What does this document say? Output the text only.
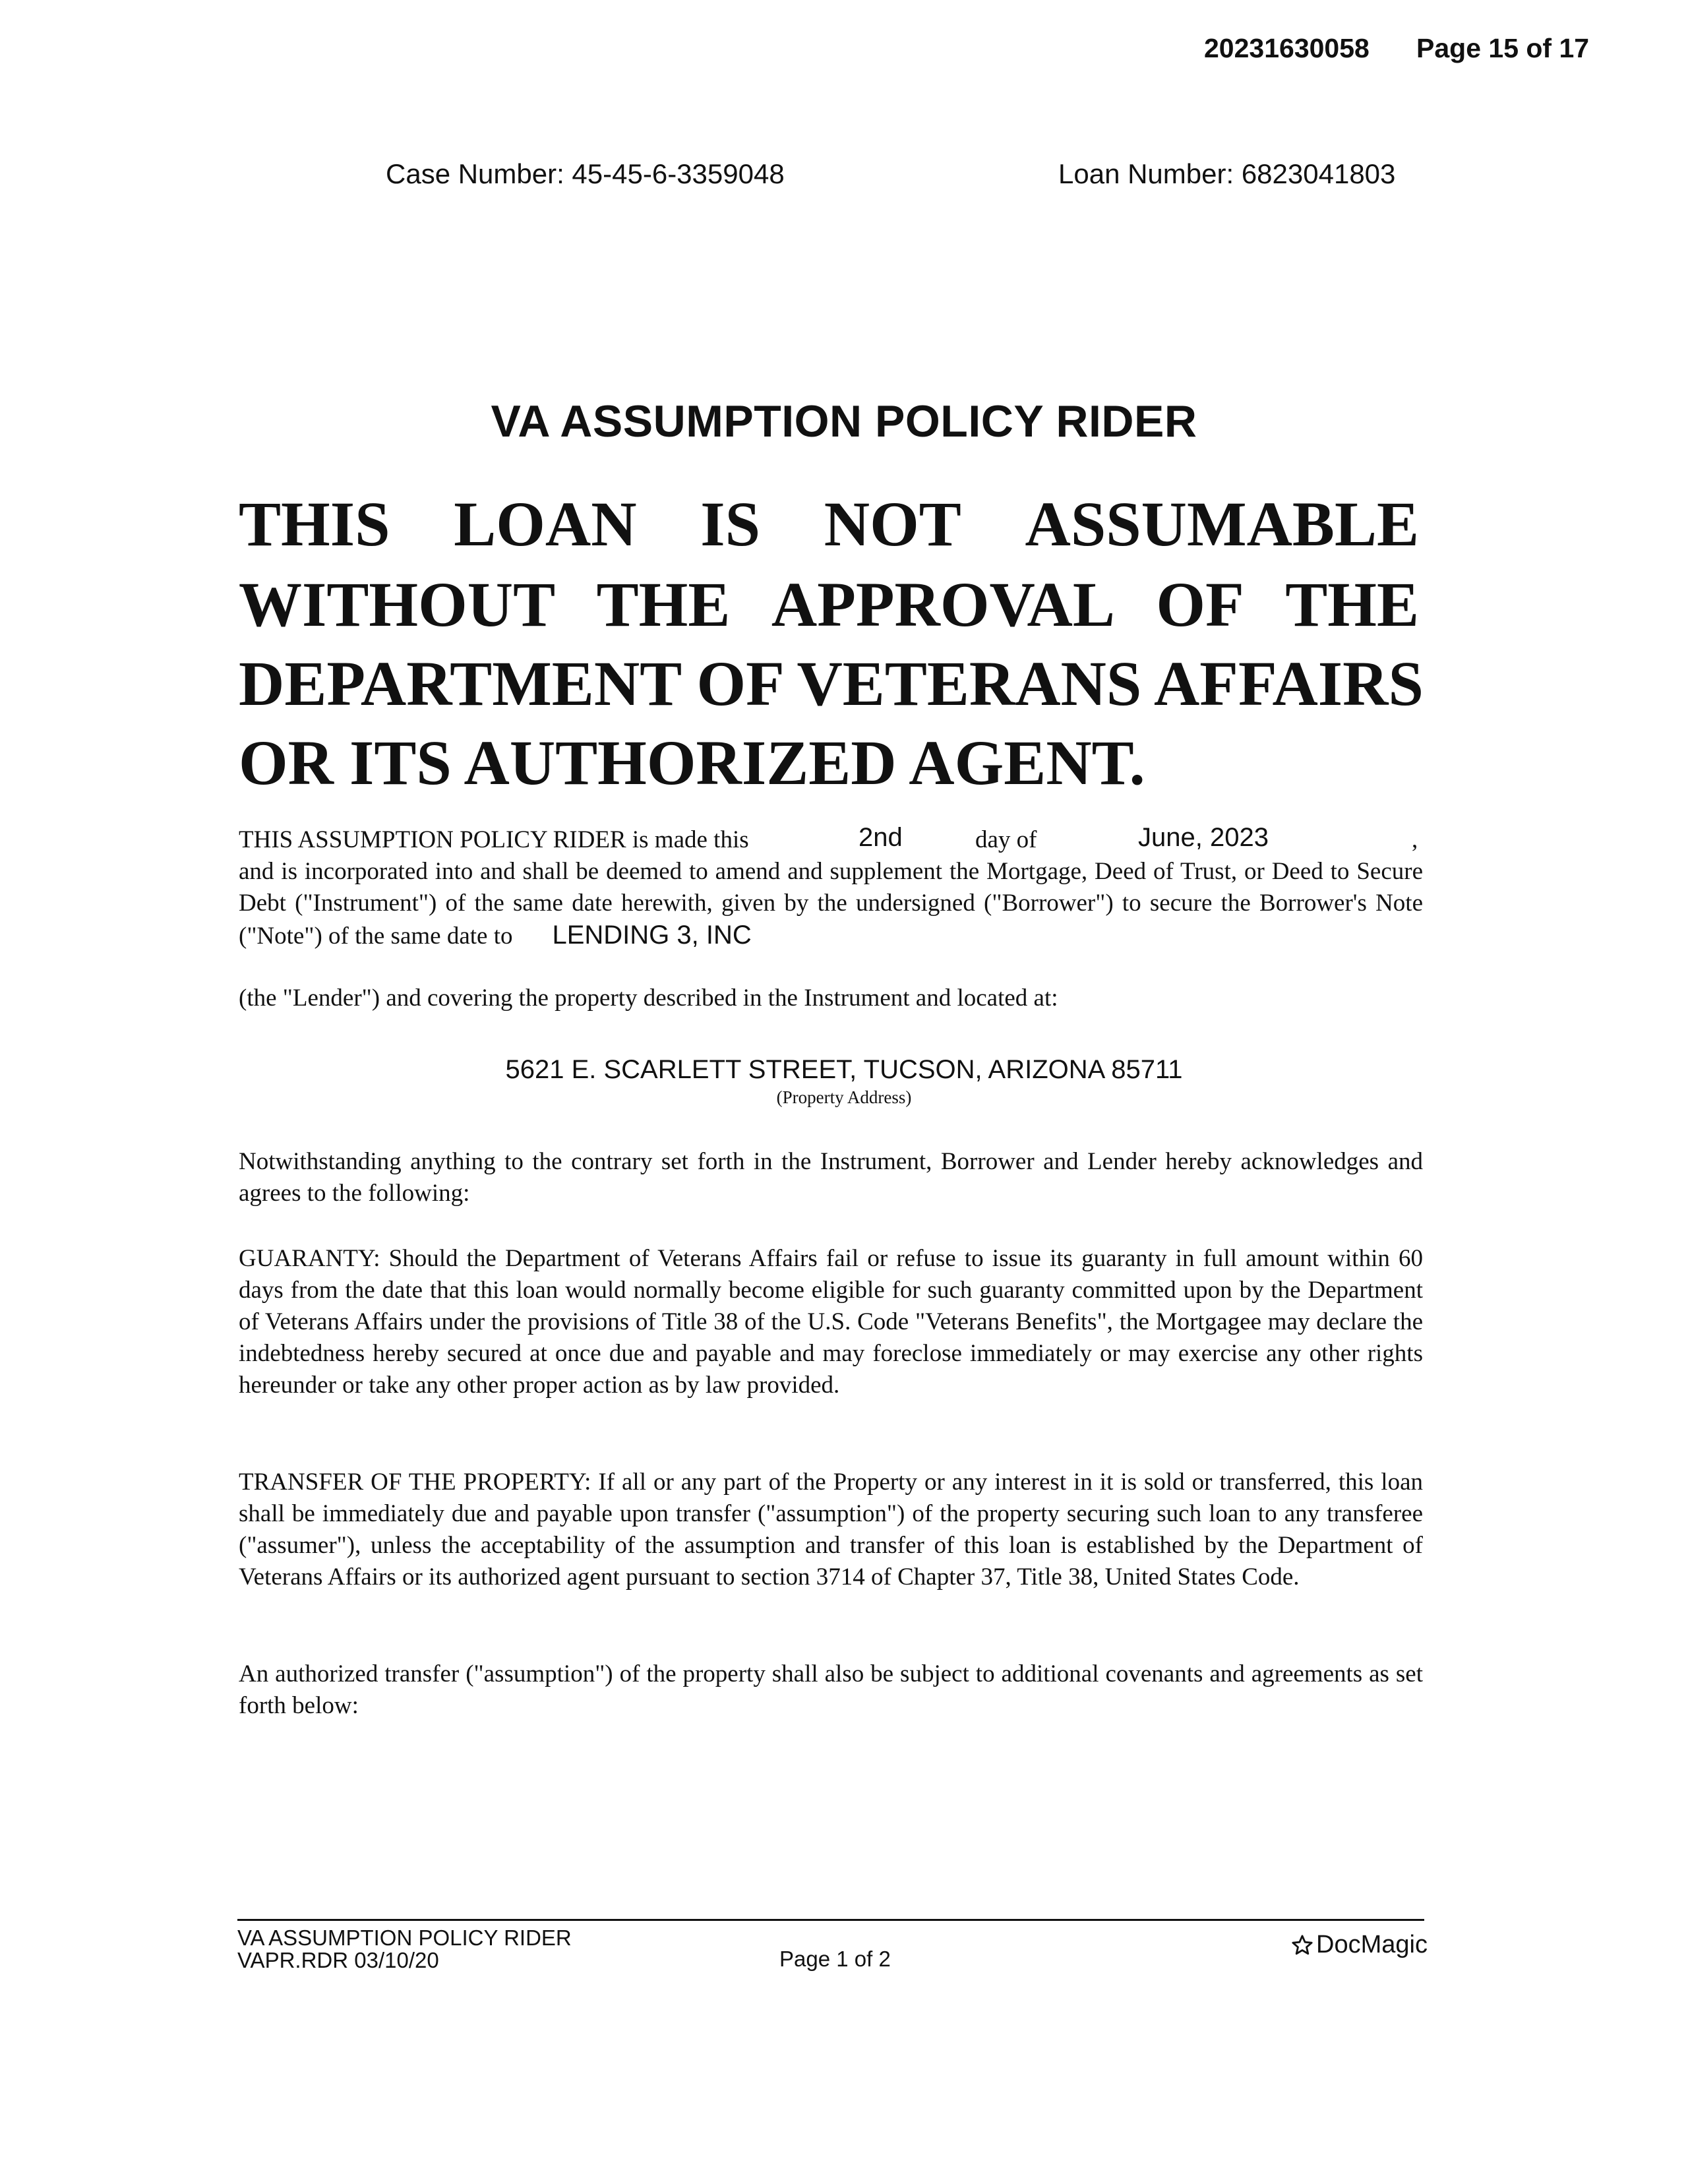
20231630058 Page 15 of 17
Case Number: 45-45-6-3359048	Loan Number: 6823041803
VA ASSUMPTION POLICY RIDER
THIS LOAN IS NOT ASSUMABLE
WITHOUT THE APPROVAL OF THE
DEPARTMENT OF VETERANS AFFAIRS
OR ITS AUTHORIZED AGENT.
THIS ASSUMPTION POLICY RIDER is made this	2nd	day of	June, 2023	,
and is incorporated into and shall be deemed to amend and supplement the Mortgage, Deed of Trust, or Deed to Secure Debt ("Instrument") of the same date herewith, given by the undersigned ("Borrower") to secure the Borrower's Note ("Note") of the same date to LENDING 3, INC
(the "Lender") and covering the property described in the Instrument and located at:
5621 E. SCARLETT STREET, TUCSON, ARIZONA 85711
(Property Address)
Notwithstanding anything to the contrary set forth in the Instrument, Borrower and Lender hereby acknowledges and agrees to the following:
GUARANTY: Should the Department of Veterans Affairs fail or refuse to issue its guaranty in full amount within 60 days from the date that this loan would normally become eligible for such guaranty committed upon by the Department of Veterans Affairs under the provisions of Title 38 of the U.S. Code "Veterans Benefits", the Mortgagee may declare the indebtedness hereby secured at once due and payable and may foreclose immediately or may exercise any other rights hereunder or take any other proper action as by law provided.
TRANSFER OF THE PROPERTY: If all or any part of the Property or any interest in it is sold or transferred, this loan shall be immediately due and payable upon transfer ("assumption") of the property securing such loan to any transferee ("assumer"), unless the acceptability of the assumption and transfer of this loan is established by the Department of Veterans Affairs or its authorized agent pursuant to section 3714 of Chapter 37, Title 38, United States Code.
An authorized transfer ("assumption") of the property shall also be subject to additional covenants and agreements as set forth below:
VA ASSUMPTION POLICY RIDER
VAPR.RDR 03/10/20	Page 1 of 2
DocMagic
